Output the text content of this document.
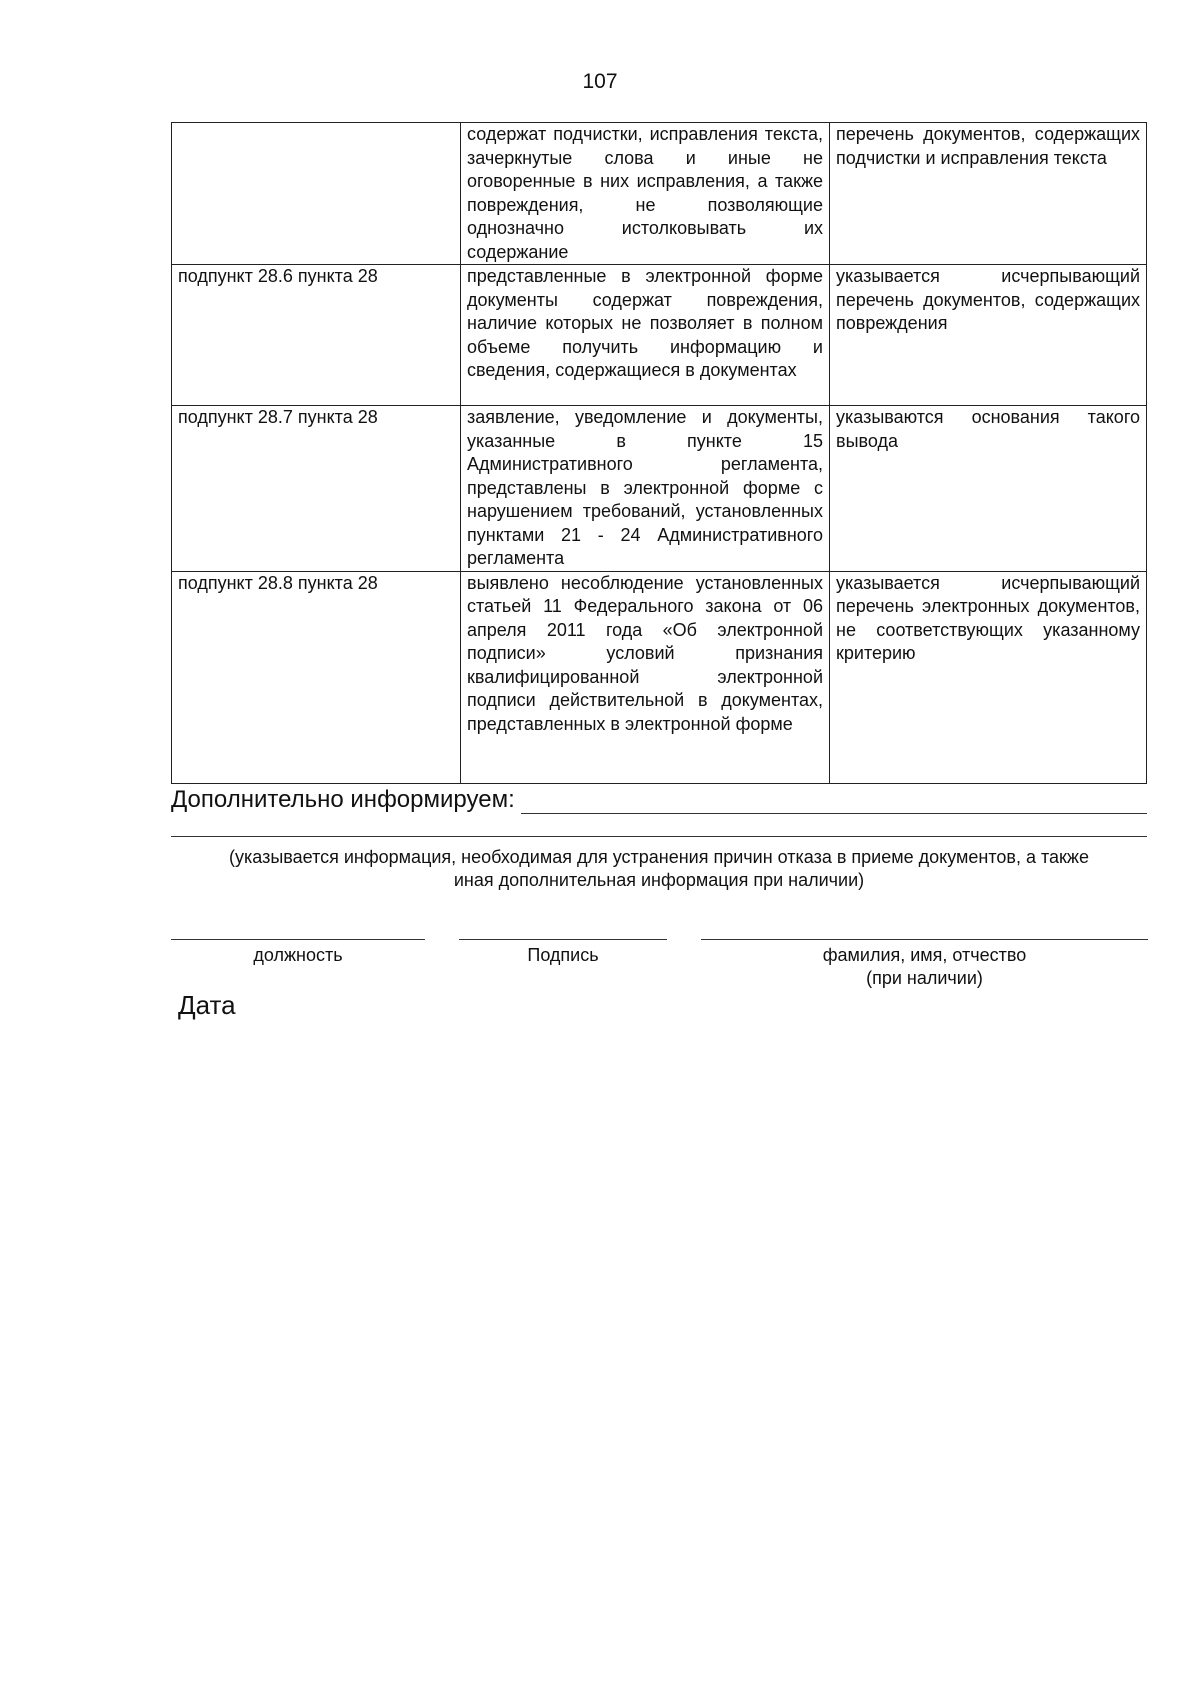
107
	содержат подчистки, исправления текста, зачеркнутые слова и иные не оговоренные в них исправления, а также повреждения, не позволяющие однозначно истолковывать их содержание	перечень документов, содержащих подчистки и исправления текста
подпункт 28.6 пункта 28	представленные в электронной форме документы содержат повреждения, наличие которых не позволяет в полном объеме получить информацию и сведения, содержащиеся в документах	указывается исчерпывающий перечень документов, содержащих повреждения
подпункт 28.7 пункта 28	заявление, уведомление и документы, указанные в пункте 15 Административного регламента, представлены в электронной форме с нарушением требований, установленных пунктами 21 - 24 Административного регламента	указываются основания такого вывода
подпункт 28.8 пункта 28	выявлено несоблюдение установленных статьей 11 Федерального закона от 06 апреля 2011 года «Об электронной подписи» условий признания квалифицированной электронной подписи действительной в документах, представленных в электронной форме	указывается исчерпывающий перечень электронных документов, не соответствующих указанному критерию
Дополнительно информируем:
(указывается информация, необходимая для устранения причин отказа в приеме документов, а также
иная дополнительная информация при наличии)
должность	Подпись	фамилия, имя, отчество
(при наличии)
Дата
